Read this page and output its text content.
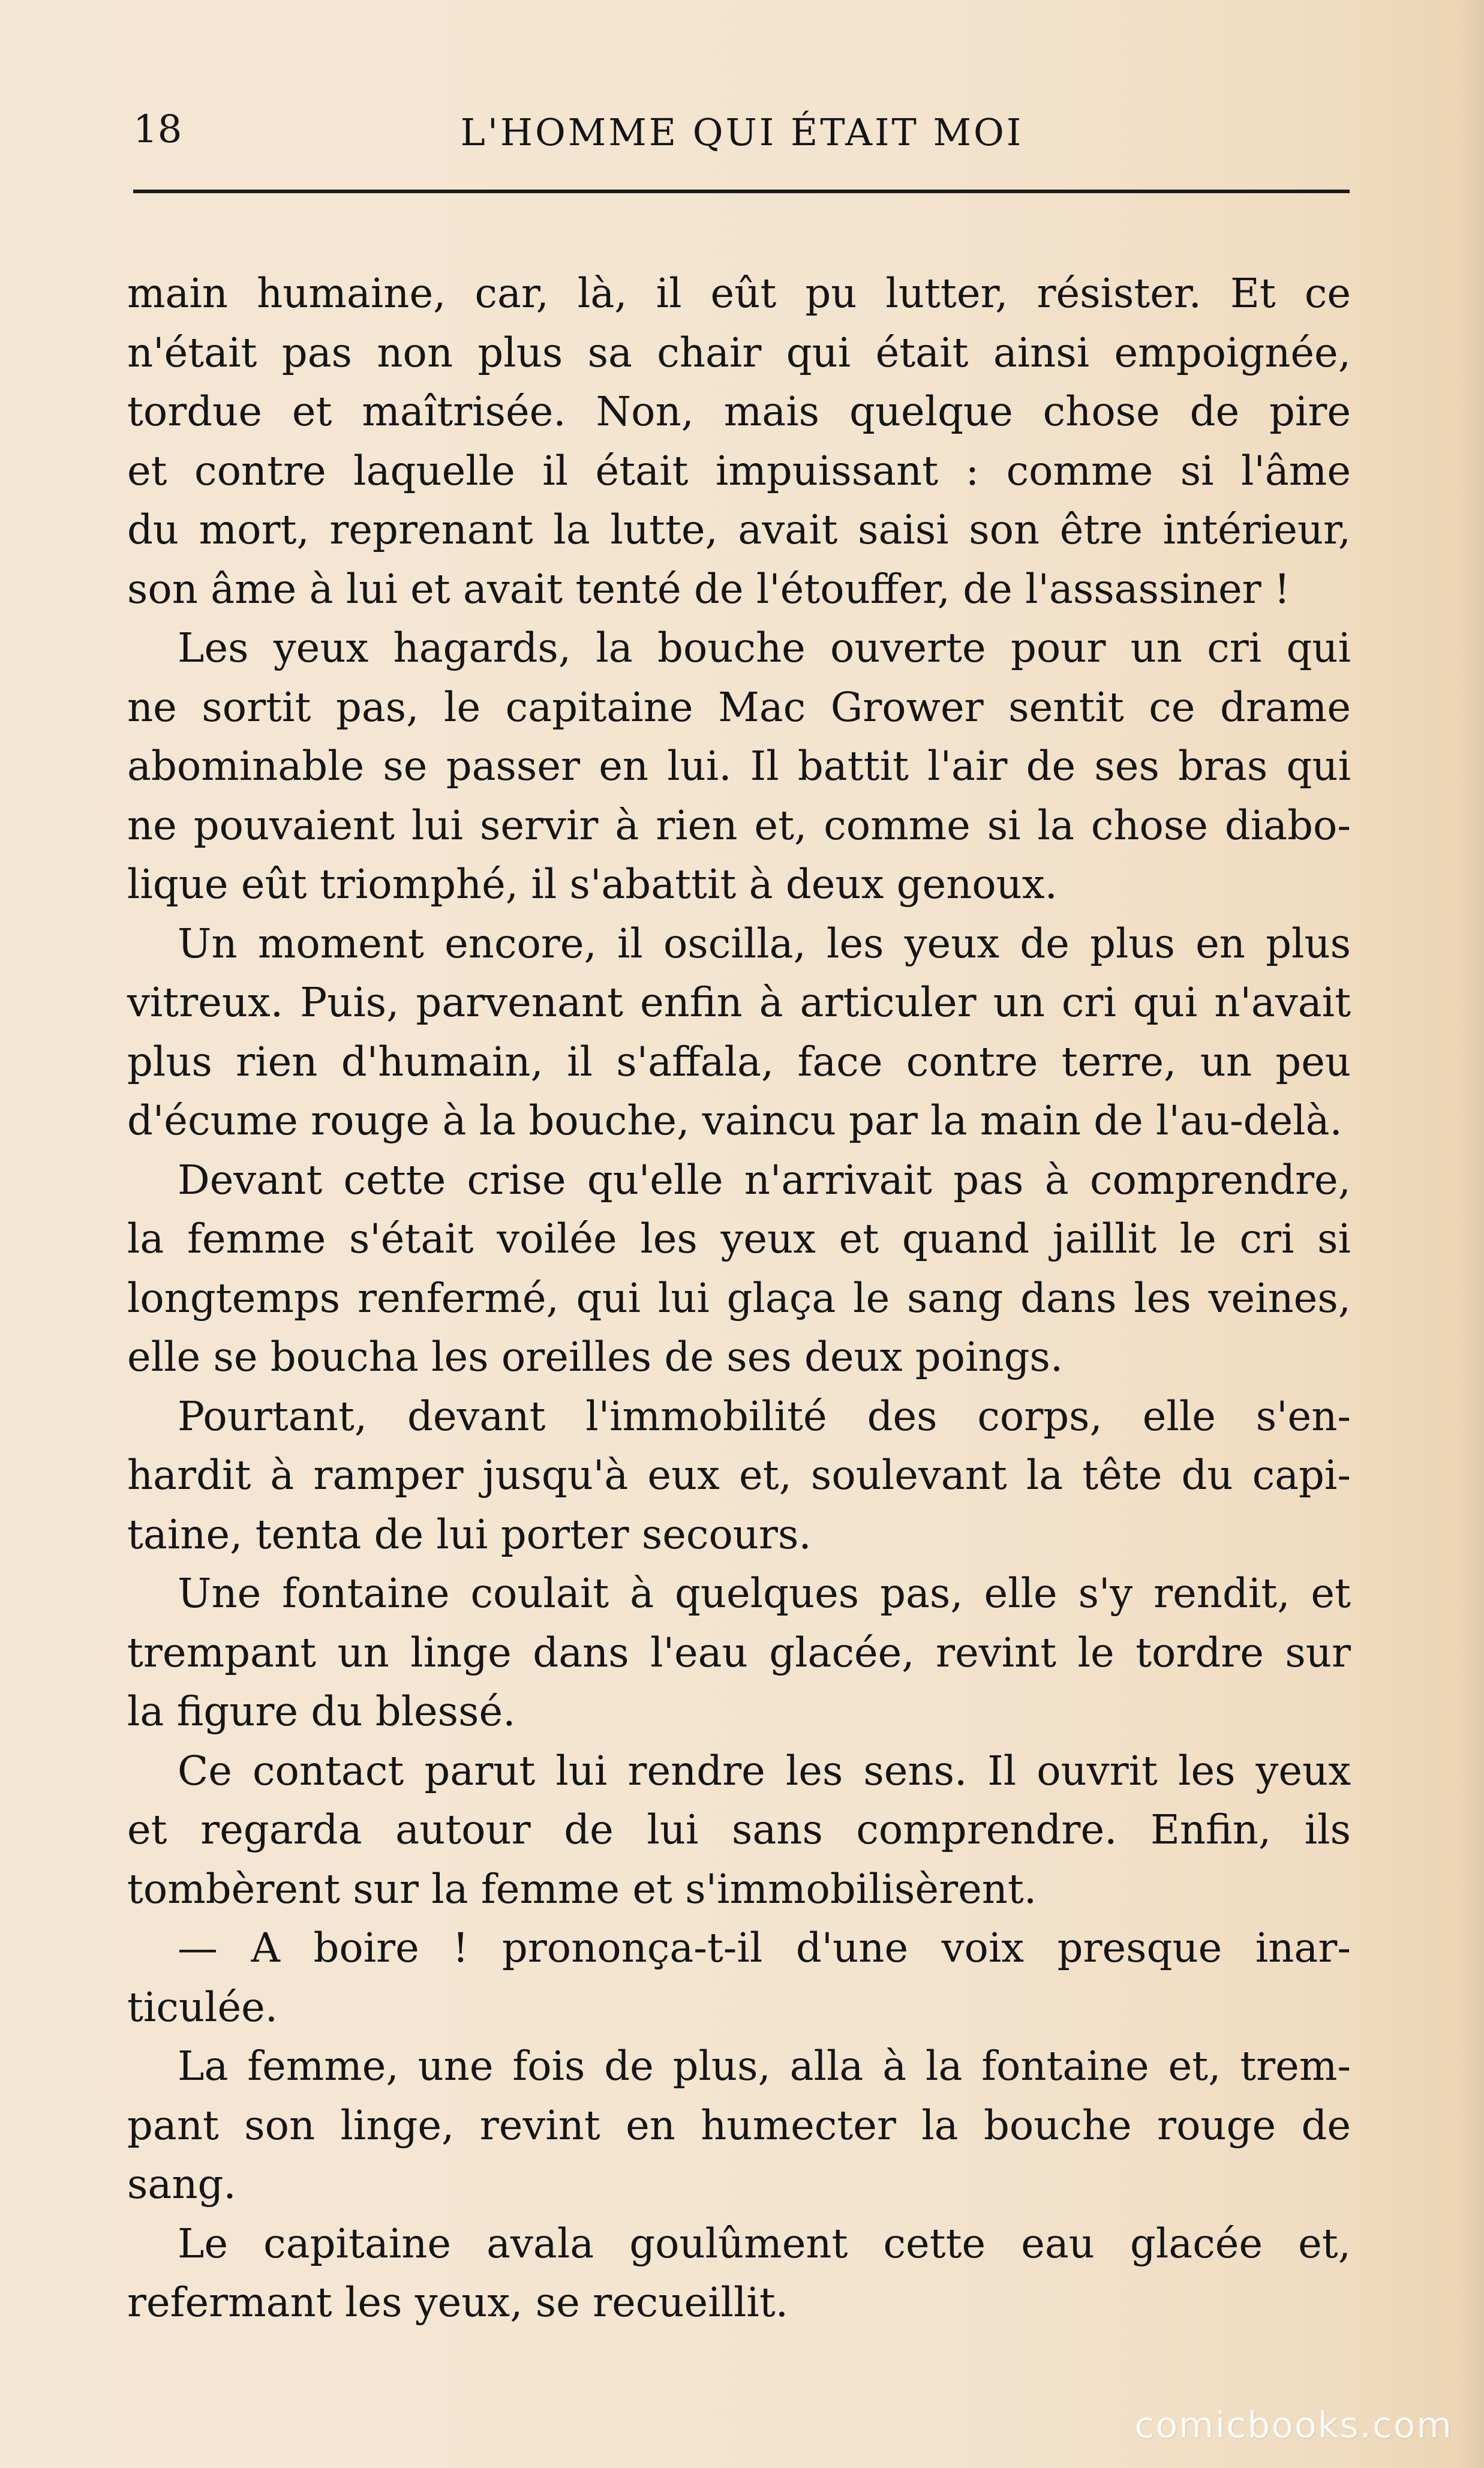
18	L'HOMME QUI ÉTAIT MOI
main humaine, car, là, il eût pu lutter, résister. Et ce
n'était pas non plus sa chair qui était ainsi empoignée,
tordue et maîtrisée. Non, mais quelque chose de pire
et contre laquelle il était impuissant : comme si l'âme
du mort, reprenant la lutte, avait saisi son être intérieur,
son âme à lui et avait tenté de l'étouffer, de l'assassiner !
Les yeux hagards, la bouche ouverte pour un cri qui
ne sortit pas, le capitaine Mac Grower sentit ce drame
abominable se passer en lui. Il battit l'air de ses bras qui
ne pouvaient lui servir à rien et, comme si la chose diabo-
lique eût triomphé, il s'abattit à deux genoux.
Un moment encore, il oscilla, les yeux de plus en plus
vitreux. Puis, parvenant enfin à articuler un cri qui n'avait
plus rien d'humain, il s'affala, face contre terre, un peu
d'écume rouge à la bouche, vaincu par la main de l'au-delà.
Devant cette crise qu'elle n'arrivait pas à comprendre,
la femme s'était voilée les yeux et quand jaillit le cri si
longtemps renfermé, qui lui glaça le sang dans les veines,
elle se boucha les oreilles de ses deux poings.
Pourtant, devant l'immobilité des corps, elle s'en-
hardit à ramper jusqu'à eux et, soulevant la tête du capi-
taine, tenta de lui porter secours.
Une fontaine coulait à quelques pas, elle s'y rendit, et
trempant un linge dans l'eau glacée, revint le tordre sur
la figure du blessé.
Ce contact parut lui rendre les sens. Il ouvrit les yeux
et regarda autour de lui sans comprendre. Enfin, ils
tombèrent sur la femme et s'immobilisèrent.
— A boire ! prononça-t-il d'une voix presque inar-
ticulée.
La femme, une fois de plus, alla à la fontaine et, trem-
pant son linge, revint en humecter la bouche rouge de
sang.
Le capitaine avala goulûment cette eau glacée et,
refermant les yeux, se recueillit.
comicbooks.com
